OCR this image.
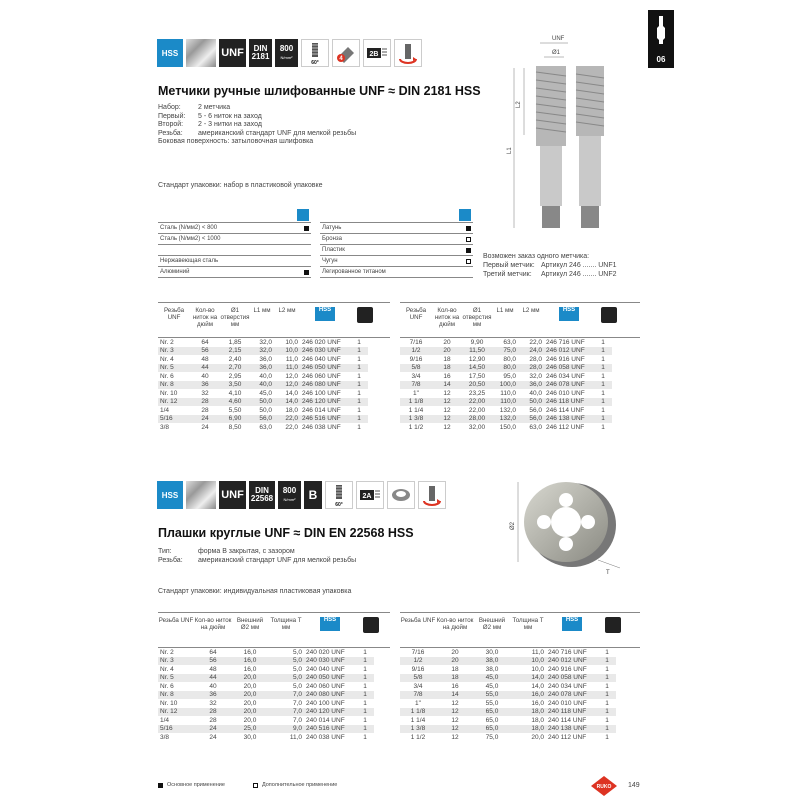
06
HSS	UNF DIN
2181
800
N/mm²
60°
4
2B
Метчики ручные шлифованные UNF ≈ DIN 2181 HSS
Набор:	2 метчика
Первый:	5 - 6 ниток на заход
Второй:	2 - 3 нитки на заход
Резьба:	американский стандарт UNF для мелкой резьбы
Боковая поверхность: затыловочная шлифовка
Стандарт упаковки: набор в пластиковой упаковке
UNF
Ø1
L2
L1
Сталь (N/мм2) < 800
Сталь (N/мм2) < 1000
Нержавеющая сталь
Алюминий
Латунь
Бронза
Пластик
Чугун
Легированное титаном
Возможен заказ одного метчика:
Первый метчик: Артикул 246 ....... UNF1
Третий метчик: Артикул 246 ....... UNF2
Резьба UNF
Кол-во ниток на дюйм
Ø1 отверстия мм
L1 мм	L2 мм	HSS
Nr. 2	64	1,85	32,0	10,0	246 020 UNF	1
Nr. 3	56	2,15	32,0	10,0	246 030 UNF	1
Nr. 4	48	2,40	36,0	11,0	246 040 UNF	1
Nr. 5	44	2,70	36,0	11,0	246 050 UNF	1
Nr. 6	40	2,95	40,0	12,0	246 060 UNF	1
Nr. 8	36	3,50	40,0	12,0	246 080 UNF	1
Nr. 10	32	4,10	45,0	14,0	246 100 UNF	1
Nr. 12	28	4,60	50,0	14,0	246 120 UNF	1
1/4	28	5,50	50,0	18,0	246 014 UNF	1
5/16	24	6,90	56,0	22,0	246 516 UNF	1
3/8	24	8,50	63,0	22,0	246 038 UNF	1
Резьба UNF
Кол-во ниток на дюйм
Ø1 отверстия мм
L1 мм	L2 мм	HSS
7/16	20	9,90	63,0	22,0	246 716 UNF	1
1/2	20	11,50	75,0	24,0	246 012 UNF	1
9/16	18	12,90	80,0	28,0	246 916 UNF	1
5/8	18	14,50	80,0	28,0	246 058 UNF	1
3/4	16	17,50	95,0	32,0	246 034 UNF	1
7/8	14	20,50	100,0	36,0	246 078 UNF	1
1"	12	23,25	110,0	40,0	246 010 UNF	1
1 1/8	12	22,00	110,0	50,0	246 118 UNF	1
1 1/4	12	22,00	132,0	56,0	246 114 UNF	1
1 3/8	12	28,00	132,0	56,0	246 138 UNF	1
1 1/2	12	32,00	150,0	63,0	246 112 UNF	1
HSS	UNF DIN
22568
800
N/mm²	B
60°
2A
Плашки круглые UNF ≈ DIN EN 22568 HSS
Тип:	форма B закрытая, с зазором
Резьба:	американский стандарт UNF для мелкой резьбы
Стандарт упаковки: индивидуальная пластиковая упаковка
Ø2
T
Резьба UNF Кол-во ниток на дюйм
Внешний Ø2 мм
Толщина T мм
HSS
Nr. 2	64	16,0	5,0	240 020 UNF	1
Nr. 3	56	16,0	5,0	240 030 UNF	1
Nr. 4	48	16,0	5,0	240 040 UNF	1
Nr. 5	44	20,0	5,0	240 050 UNF	1
Nr. 6	40	20,0	5,0	240 060 UNF	1
Nr. 8	36	20,0	7,0	240 080 UNF	1
Nr. 10	32	20,0	7,0	240 100 UNF	1
Nr. 12	28	20,0	7,0	240 120 UNF	1
1/4	28	20,0	7,0	240 014 UNF	1
5/16	24	25,0	9,0	240 516 UNF	1
3/8	24	30,0	11,0	240 038 UNF	1
Резьба UNF Кол-во ниток на дюйм
Внешний Ø2 мм
Толщина T мм
HSS
7/16	20	30,0	11,0	240 716 UNF	1
1/2	20	38,0	10,0	240 012 UNF	1
9/16	18	38,0	10,0	240 916 UNF	1
5/8	18	45,0	14,0	240 058 UNF	1
3/4	16	45,0	14,0	240 034 UNF	1
7/8	14	55,0	16,0	240 078 UNF	1
1"	12	55,0	16,0	240 010 UNF	1
1 1/8	12	65,0	18,0	240 118 UNF	1
1 1/4	12	65,0	18,0	240 114 UNF	1
1 3/8	12	65,0	18,0	240 138 UNF	1
1 1/2	12	75,0	20,0	240 112 UNF	1
Основное применение	Дополнительное применение	RUKO 149
